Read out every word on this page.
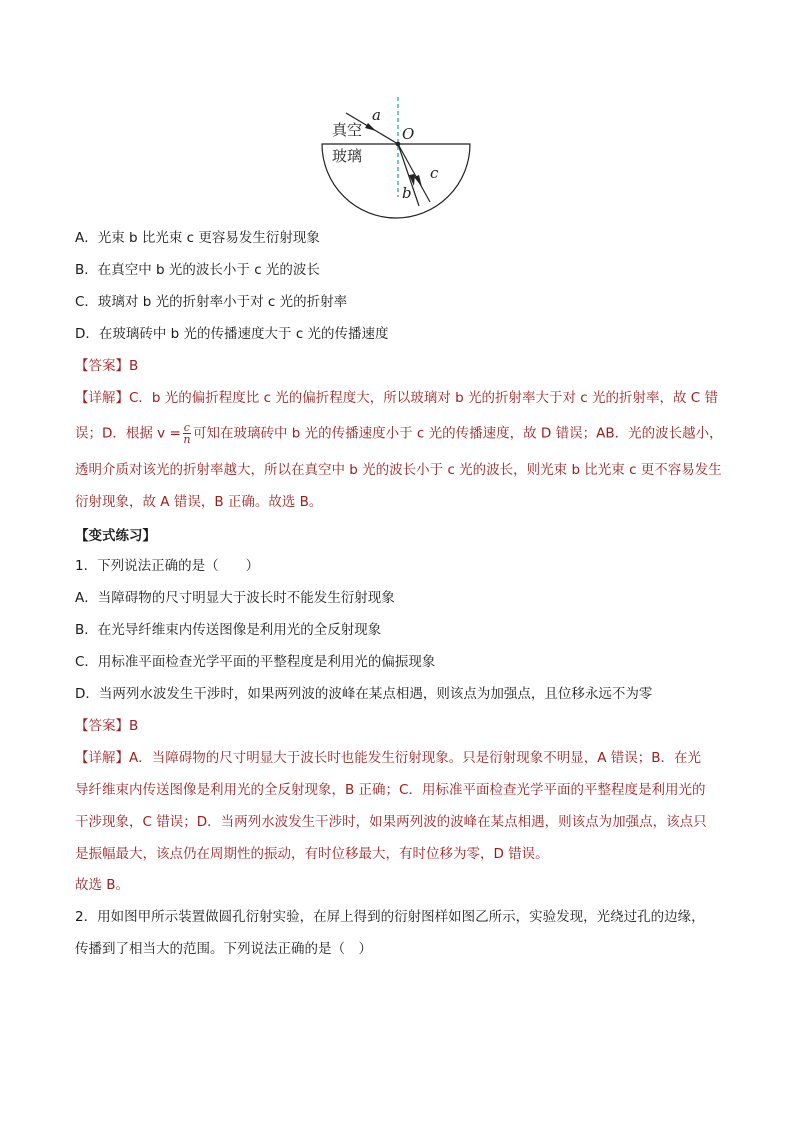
a
O
真空
玻璃
c
b
A．光束 b 比光束 c 更容易发生衍射现象
B．在真空中 b 光的波长小于 c 光的波长
C．玻璃对 b 光的折射率小于对 c 光的折射率
D．在玻璃砖中 b 光的传播速度大于 c 光的传播速度
【答案】B
【详解】C．b 光的偏折程度比 c 光的偏折程度大，所以玻璃对 b 光的折射率大于对 c 光的折射率，故 C 错
误；D．根据 $v = \frac{c}{n}$ 可知在玻璃砖中 b 光的传播速度小于 c 光的传播速度，故 D 错误；AB．光的波长越小，
透明介质对该光的折射率越大，所以在真空中 b 光的波长小于 c 光的波长，则光束 b 比光束 c 更不容易发生
衍射现象，故 A 错误，B 正确。故选 B。
【变式练习】
1．下列说法正确的是（　　）
A．当障碍物的尺寸明显大于波长时不能发生衍射现象
B．在光导纤维束内传送图像是利用光的全反射现象
C．用标准平面检查光学平面的平整程度是利用光的偏振现象
D．当两列水波发生干涉时，如果两列波的波峰在某点相遇，则该点为加强点，且位移永远不为零
【答案】B
【详解】A．当障碍物的尺寸明显大于波长时也能发生衍射现象。只是衍射现象不明显，A 错误；B．在光
导纤维束内传送图像是利用光的全反射现象，B 正确；C．用标准平面检查光学平面的平整程度是利用光的
干涉现象，C 错误；D．当两列水波发生干涉时，如果两列波的波峰在某点相遇，则该点为加强点，该点只
是振幅最大，该点仍在周期性的振动，有时位移最大，有时位移为零，D 错误。
故选 B。
2．用如图甲所示装置做圆孔衍射实验，在屏上得到的衍射图样如图乙所示，实验发现，光绕过孔的边缘，
传播到了相当大的范围。下列说法正确的是（　）
